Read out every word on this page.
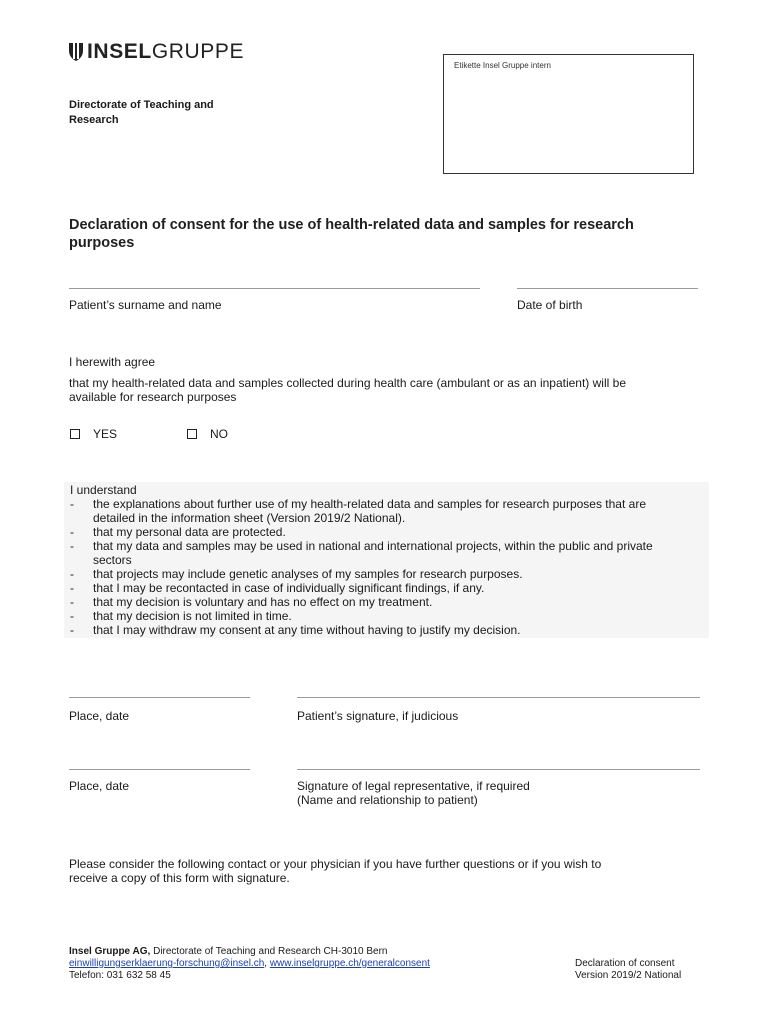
INSELGRUPPE
Etikette Insel Gruppe intern
Directorate of Teaching and
Research
Declaration of consent for the use of health-related data and samples for research
purposes
Patient’s surname and name	Date of birth
I herewith agree
that my health-related data and samples collected during health care (ambulant or as an inpatient) will be
available for research purposes
YES	NO
I understand
- the explanations about further use of my health-related data and samples for research purposes that are
detailed in the information sheet (Version 2019/2 National).
- that my personal data are protected.
- that my data and samples may be used in national and international projects, within the public and private
sectors
- that projects may include genetic analyses of my samples for research purposes.
- that I may be recontacted in case of individually significant findings, if any.
- that my decision is voluntary and has no effect on my treatment.
- that my decision is not limited in time.
- that I may withdraw my consent at any time without having to justify my decision.
Place, date	Patient’s signature, if judicious
Place, date	Signature of legal representative, if required
(Name and relationship to patient)
Please consider the following contact or your physician if you have further questions or if you wish to
receive a copy of this form with signature.
Insel Gruppe AG, Directorate of Teaching and Research CH-3010 Bern
einwilligungserklaerung-forschung@insel.ch, www.inselgruppe.ch/generalconsent
Telefon: 031 632 58 45
Declaration of consent
Version 2019/2 National
